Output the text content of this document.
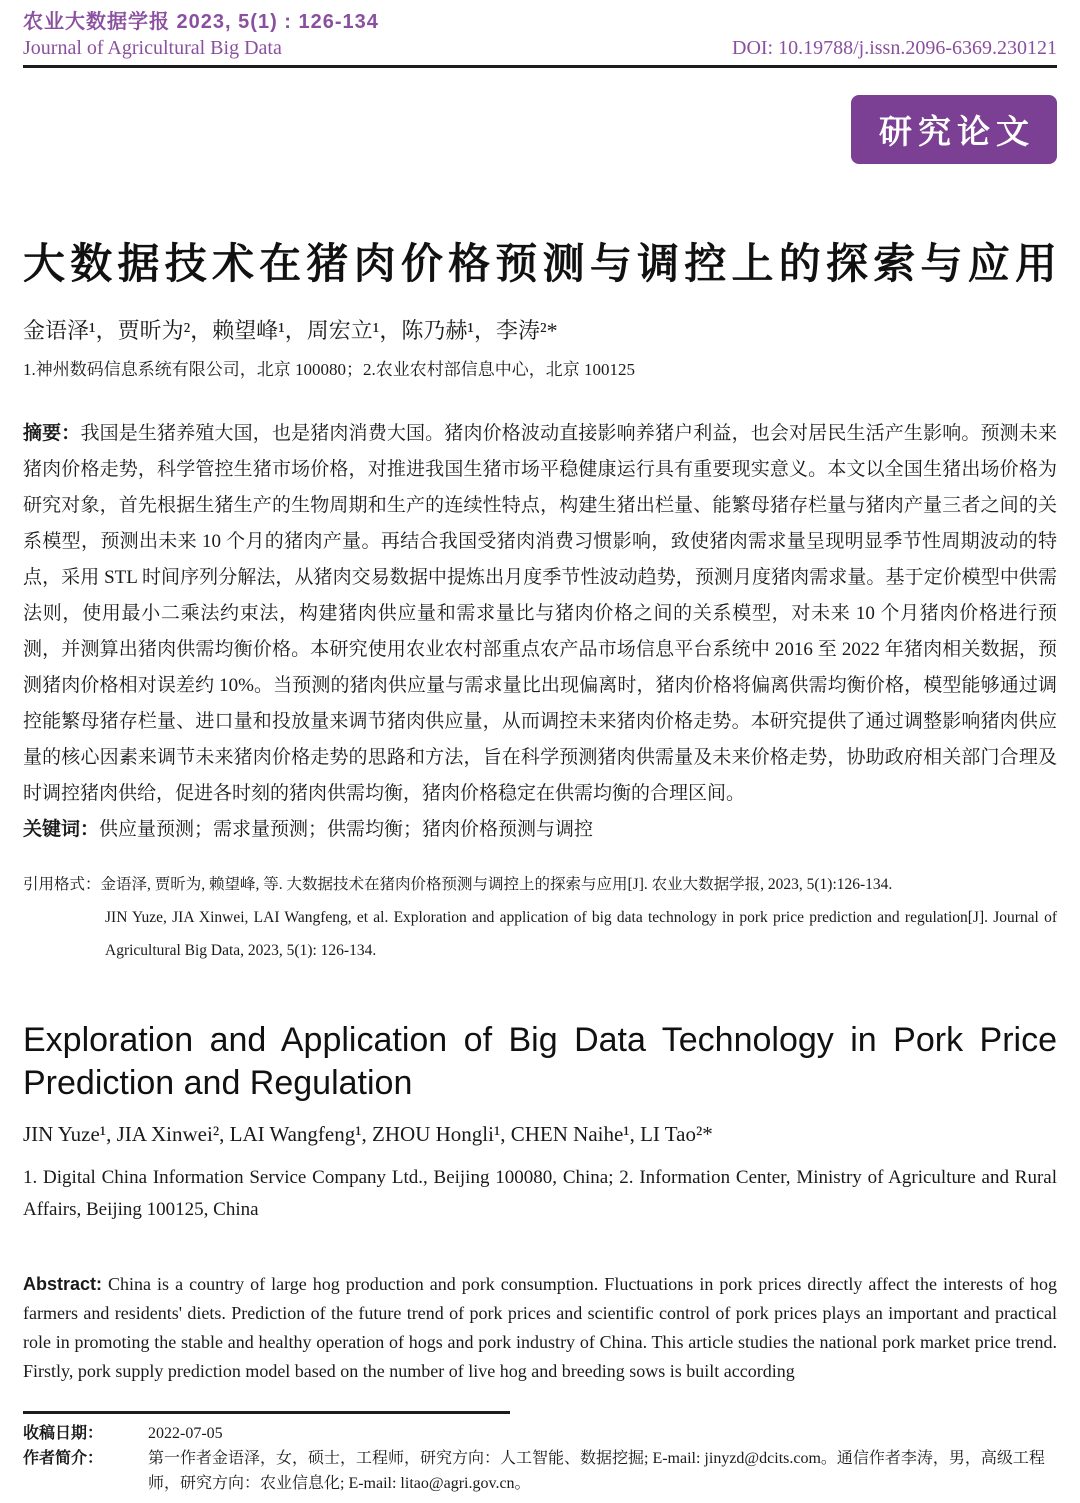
农业大数据学报 2023, 5(1) : 126-134
Journal of Agricultural Big Data	DOI: 10.19788/j.issn.2096-6369.230121
研究论文
大数据技术在猪肉价格预测与调控上的探索与应用

金语泽¹，贾昕为²，赖望峰¹，周宏立¹，陈乃赫¹，李涛²*

1.神州数码信息系统有限公司，北京 100080；2.农业农村部信息中心，北京 100125

摘要：我国是生猪养殖大国，也是猪肉消费大国。猪肉价格波动直接影响养猪户利益，也会对居民生活产生影响。预测未来猪肉价格走势，科学管控生猪市场价格，对推进我国生猪市场平稳健康运行具有重要现实意义。本文以全国生猪出场价格为研究对象，首先根据生猪生产的生物周期和生产的连续性特点，构建生猪出栏量、能繁母猪存栏量与猪肉产量三者之间的关系模型，预测出未来 10 个月的猪肉产量。再结合我国受猪肉消费习惯影响，致使猪肉需求量呈现明显季节性周期波动的特点，采用 STL 时间序列分解法，从猪肉交易数据中提炼出月度季节性波动趋势，预测月度猪肉需求量。基于定价模型中供需法则，使用最小二乘法约束法，构建猪肉供应量和需求量比与猪肉价格之间的关系模型，对未来 10 个月猪肉价格进行预测，并测算出猪肉供需均衡价格。本研究使用农业农村部重点农产品市场信息平台系统中 2016 至 2022 年猪肉相关数据，预测猪肉价格相对误差约 10%。当预测的猪肉供应量与需求量比出现偏离时，猪肉价格将偏离供需均衡价格，模型能够通过调控能繁母猪存栏量、进口量和投放量来调节猪肉供应量，从而调控未来猪肉价格走势。本研究提供了通过调整影响猪肉供应量的核心因素来调节未来猪肉价格走势的思路和方法，旨在科学预测猪肉供需量及未来价格走势，协助政府相关部门合理及时调控猪肉供给，促进各时刻的猪肉供需均衡，猪肉价格稳定在供需均衡的合理区间。

关键词：供应量预测；需求量预测；供需均衡；猪肉价格预测与调控

引用格式：金语泽, 贾昕为, 赖望峰, 等. 大数据技术在猪肉价格预测与调控上的探索与应用[J]. 农业大数据学报, 2023, 5(1):126-134.

JIN Yuze, JIA Xinwei, LAI Wangfeng, et al. Exploration and application of big data technology in pork price prediction and regulation[J]. Journal of Agricultural Big Data, 2023, 5(1): 126-134.

Exploration and Application of Big Data Technology in Pork Price
Prediction and Regulation

JIN Yuze¹, JIA Xinwei², LAI Wangfeng¹, ZHOU Hongli¹, CHEN Naihe¹, LI Tao²*

1. Digital China Information Service Company Ltd., Beijing 100080, China; 2. Information Center, Ministry of Agriculture and Rural Affairs, Beijing 100125, China

Abstract: China is a country of large hog production and pork consumption. Fluctuations in pork prices directly affect the interests of hog farmers and residents' diets. Prediction of the future trend of pork prices and scientific control of pork prices plays an important and practical role in promoting the stable and healthy operation of hogs and pork industry of China. This article studies the national pork market price trend. Firstly, pork supply prediction model based on the number of live hog and breeding sows is built according

收稿日期：	2022-07-05

作者简介：	第一作者金语泽，女，硕士，工程师，研究方向：人工智能、数据挖掘; E-mail: jinyzd@dcits.com。通信作者李涛，男，高级工程师，研究方向：农业信息化; E-mail: litao@agri.gov.cn。
